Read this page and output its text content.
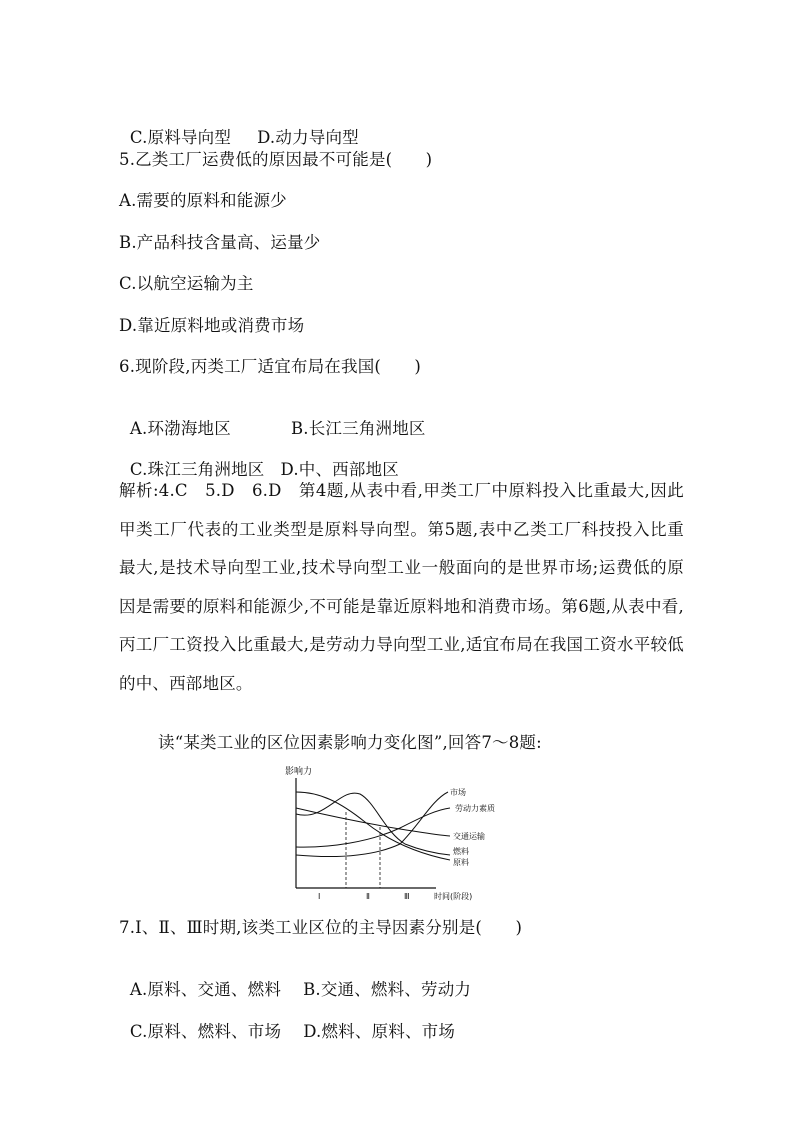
C.原料导向型 D.动力导向型

5.乙类工厂运费低的原因最不可能是(　　)
A.需要的原料和能源少
B.产品科技含量高、运量少
C.以航空运输为主
D.靠近原料地或消费市场
6.现阶段,丙类工厂适宜布局在我国(　　)

A.环渤海地区	B.长江三角洲地区

C.珠江三角洲地区 D.中、西部地区

解析:4.C　5.D　6.D　第4题,从表中看,甲类工厂中原料投入比重最大,因此甲类工厂代表的工业类型是原料导向型。第5题,表中乙类工厂科技投入比重最大,是技术导向型工业,技术导向型工业一般面向的是世界市场;运费低的原因是需要的原料和能源少,不可能是靠近原料地和消费市场。第6题,从表中看,丙工厂工资投入比重最大,是劳动力导向型工业,适宜布局在我国工资水平较低的中、西部地区。
读“某类工业的区位因素影响力变化图”,回答7～8题:
影响力
Ⅰ	Ⅱ	Ⅲ	时间(阶段)
市场
劳动力素质
交通运输
燃料
原料
7.Ⅰ、Ⅱ、Ⅲ时期,该类工业区位的主导因素分别是(　　)

A.原料、交通、燃料 B.交通、燃料、劳动力

C.原料、燃料、市场 D.燃料、原料、市场
